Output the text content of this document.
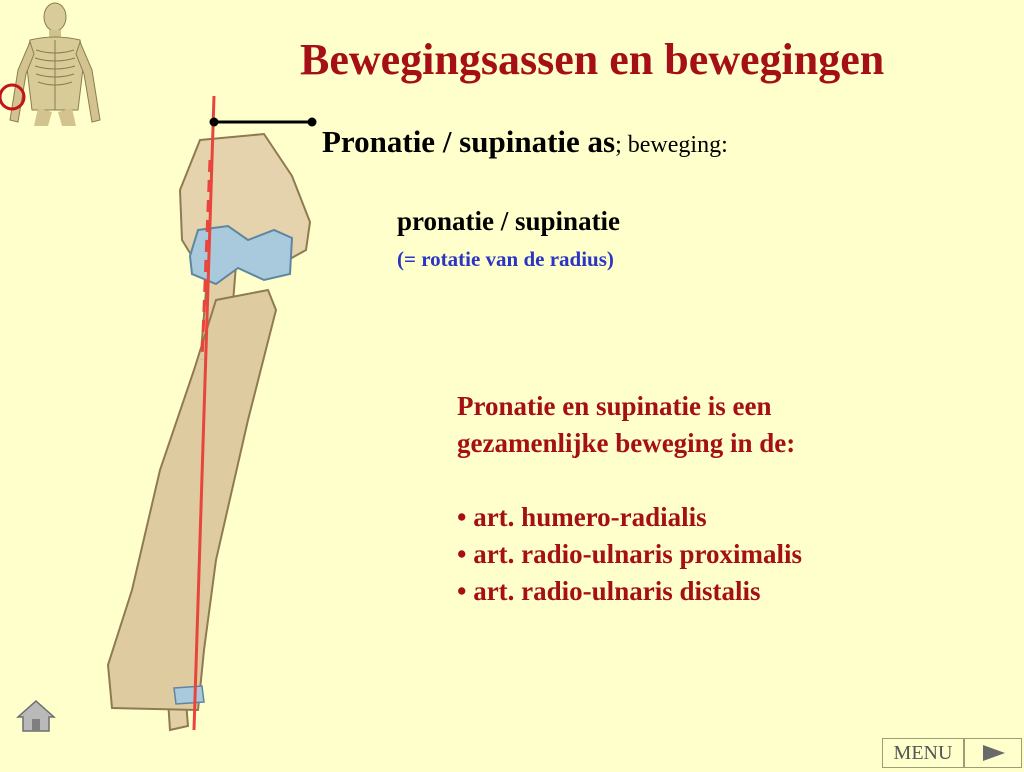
Bewegingsassen en bewegingen
Pronatie / supinatie as; beweging:
pronatie / supinatie
(= rotatie van de radius)
Pronatie en supinatie is een
gezamenlijke beweging in de:
• art. humero-radialis
• art. radio-ulnaris proximalis
• art. radio-ulnaris distalis
MENU
